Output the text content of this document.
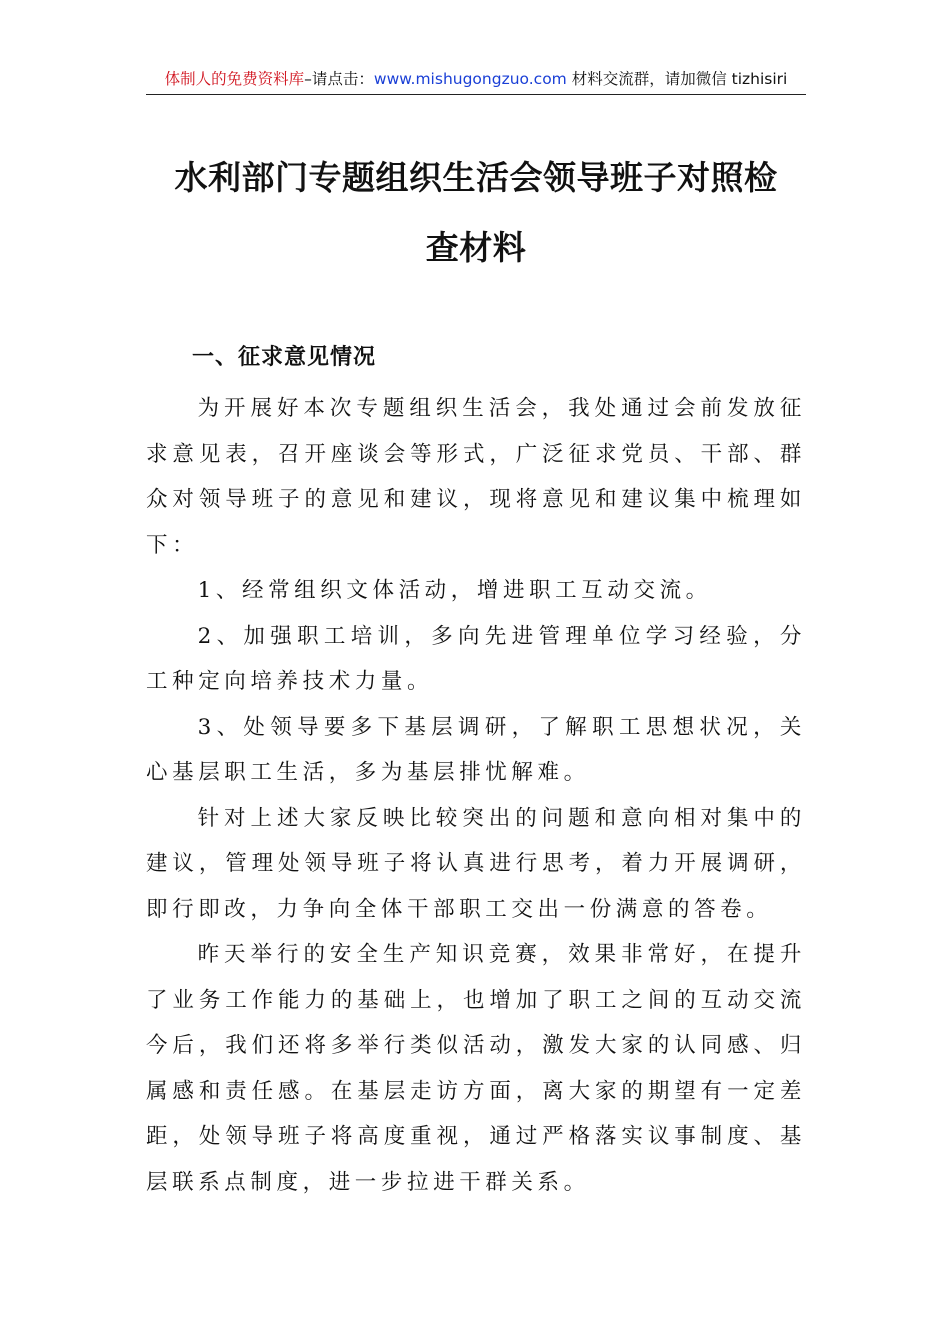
体制人的免费资料库–请点击：www.mishugongzuo.com 材料交流群，请加微信 tizhisiri
水利部门专题组织生活会领导班子对照检
查材料
一、征求意见情况

为开展好本次专题组织生活会，我处通过会前发放征求意见表，召开座谈会等形式，广泛征求党员、干部、群众对领导班子的意见和建议，现将意见和建议集中梳理如下：

1、经常组织文体活动，增进职工互动交流。

2、加强职工培训，多向先进管理单位学习经验，分工种定向培养技术力量。

3、处领导要多下基层调研，了解职工思想状况，关心基层职工生活，多为基层排忧解难。

针对上述大家反映比较突出的问题和意向相对集中的建议，管理处领导班子将认真进行思考，着力开展调研，即行即改，力争向全体干部职工交出一份满意的答卷。

昨天举行的安全生产知识竞赛，效果非常好，在提升了业务工作能力的基础上，也增加了职工之间的互动交流今后，我们还将多举行类似活动，激发大家的认同感、归属感和责任感。在基层走访方面，离大家的期望有一定差距，处领导班子将高度重视，通过严格落实议事制度、基层联系点制度，进一步拉进干群关系。
